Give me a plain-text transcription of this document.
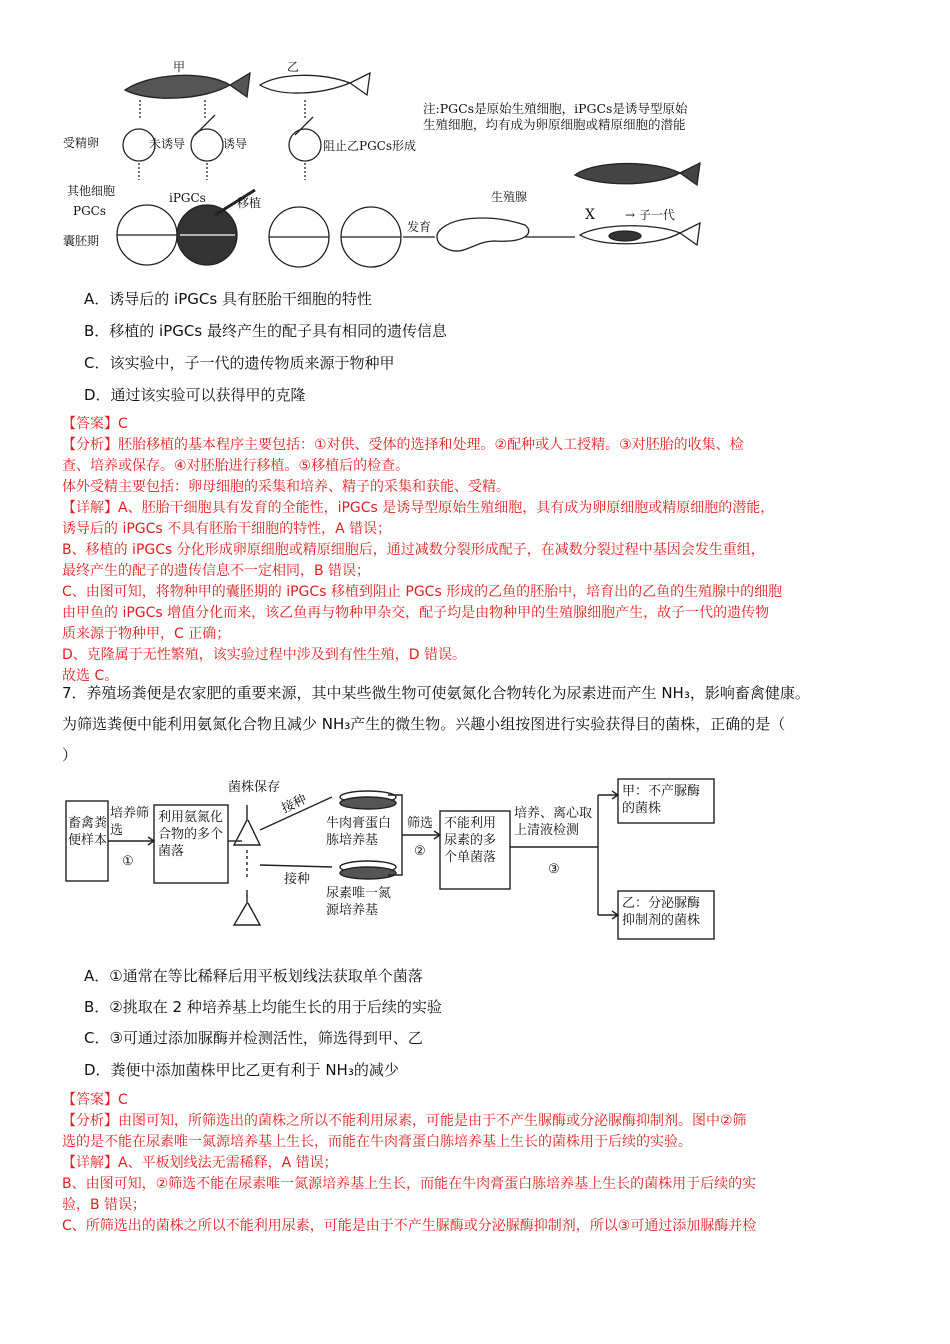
甲	乙
注:PGCs是原始生殖细胞，iPGCs是诱导型原始
生殖细胞，均有成为卵原细胞或精原细胞的潜能
受精卵	未诱导	诱导	阻止乙PGCs形成
其他细胞
PGCs
囊胚期
iPGCs	移植
发育
生殖腺
X	→ 子一代
A．诱导后的 iPGCs 具有胚胎干细胞的特性
B．移植的 iPGCs 最终产生的配子具有相同的遗传信息
C．该实验中，子一代的遗传物质来源于物种甲
D．通过该实验可以获得甲的克隆
【答案】C
【分析】胚胎移植的基本程序主要包括：①对供、受体的选择和处理。②配种或人工授精。③对胚胎的收集、检
查、培养或保存。④对胚胎进行移植。⑤移植后的检查。
体外受精主要包括：卵母细胞的采集和培养、精子的采集和获能、受精。
【详解】A、胚胎干细胞具有发育的全能性，iPGCs 是诱导型原始生殖细胞，具有成为卵原细胞或精原细胞的潜能，
诱导后的 iPGCs 不具有胚胎干细胞的特性，A 错误；
B、移植的 iPGCs 分化形成卵原细胞或精原细胞后，通过减数分裂形成配子，在减数分裂过程中基因会发生重组，
最终产生的配子的遗传信息不一定相同，B 错误；
C、由图可知，将物种甲的囊胚期的 iPGCs 移植到阻止 PGCs 形成的乙鱼的胚胎中，培育出的乙鱼的生殖腺中的细胞
由甲鱼的 iPGCs 增值分化而来，该乙鱼再与物种甲杂交，配子均是由物种甲的生殖腺细胞产生，故子一代的遗传物
质来源于物种甲，C 正确；
D、克隆属于无性繁殖，该实验过程中涉及到有性生殖，D 错误。
故选 C。
7．养殖场粪便是农家肥的重要来源，其中某些微生物可使氨氮化合物转化为尿素进而产生 NH₃，影响畜禽健康。
为筛选粪便中能利用氨氮化合物且减少 NH₃产生的微生物。兴趣小组按图进行实验获得目的菌株，正确的是（
）
畜禽粪便样本
培养筛选
①
利用氨氮化合物的多个菌落
菌株保存
接种
接种
牛肉膏蛋白胨培养基
尿素唯一氮源培养基
筛选
②
不能利用尿素的多个单菌落
培养、离心取上清液检测
③
甲：不产脲酶的菌株
乙：分泌脲酶抑制剂的菌株
A．①通常在等比稀释后用平板划线法获取单个菌落
B．②挑取在 2 种培养基上均能生长的用于后续的实验
C．③可通过添加脲酶并检测活性，筛选得到甲、乙
D．粪便中添加菌株甲比乙更有利于 NH₃的减少
【答案】C
【分析】由图可知，所筛选出的菌株之所以不能利用尿素，可能是由于不产生脲酶或分泌脲酶抑制剂。图中②筛
选的是不能在尿素唯一氮源培养基上生长，而能在牛肉膏蛋白胨培养基上生长的菌株用于后续的实验。
【详解】A、平板划线法无需稀释，A 错误；
B、由图可知，②筛选不能在尿素唯一氮源培养基上生长，而能在牛肉膏蛋白胨培养基上生长的菌株用于后续的实
验，B 错误；
C、所筛选出的菌株之所以不能利用尿素，可能是由于不产生脲酶或分泌脲酶抑制剂，所以③可通过添加脲酶并检
